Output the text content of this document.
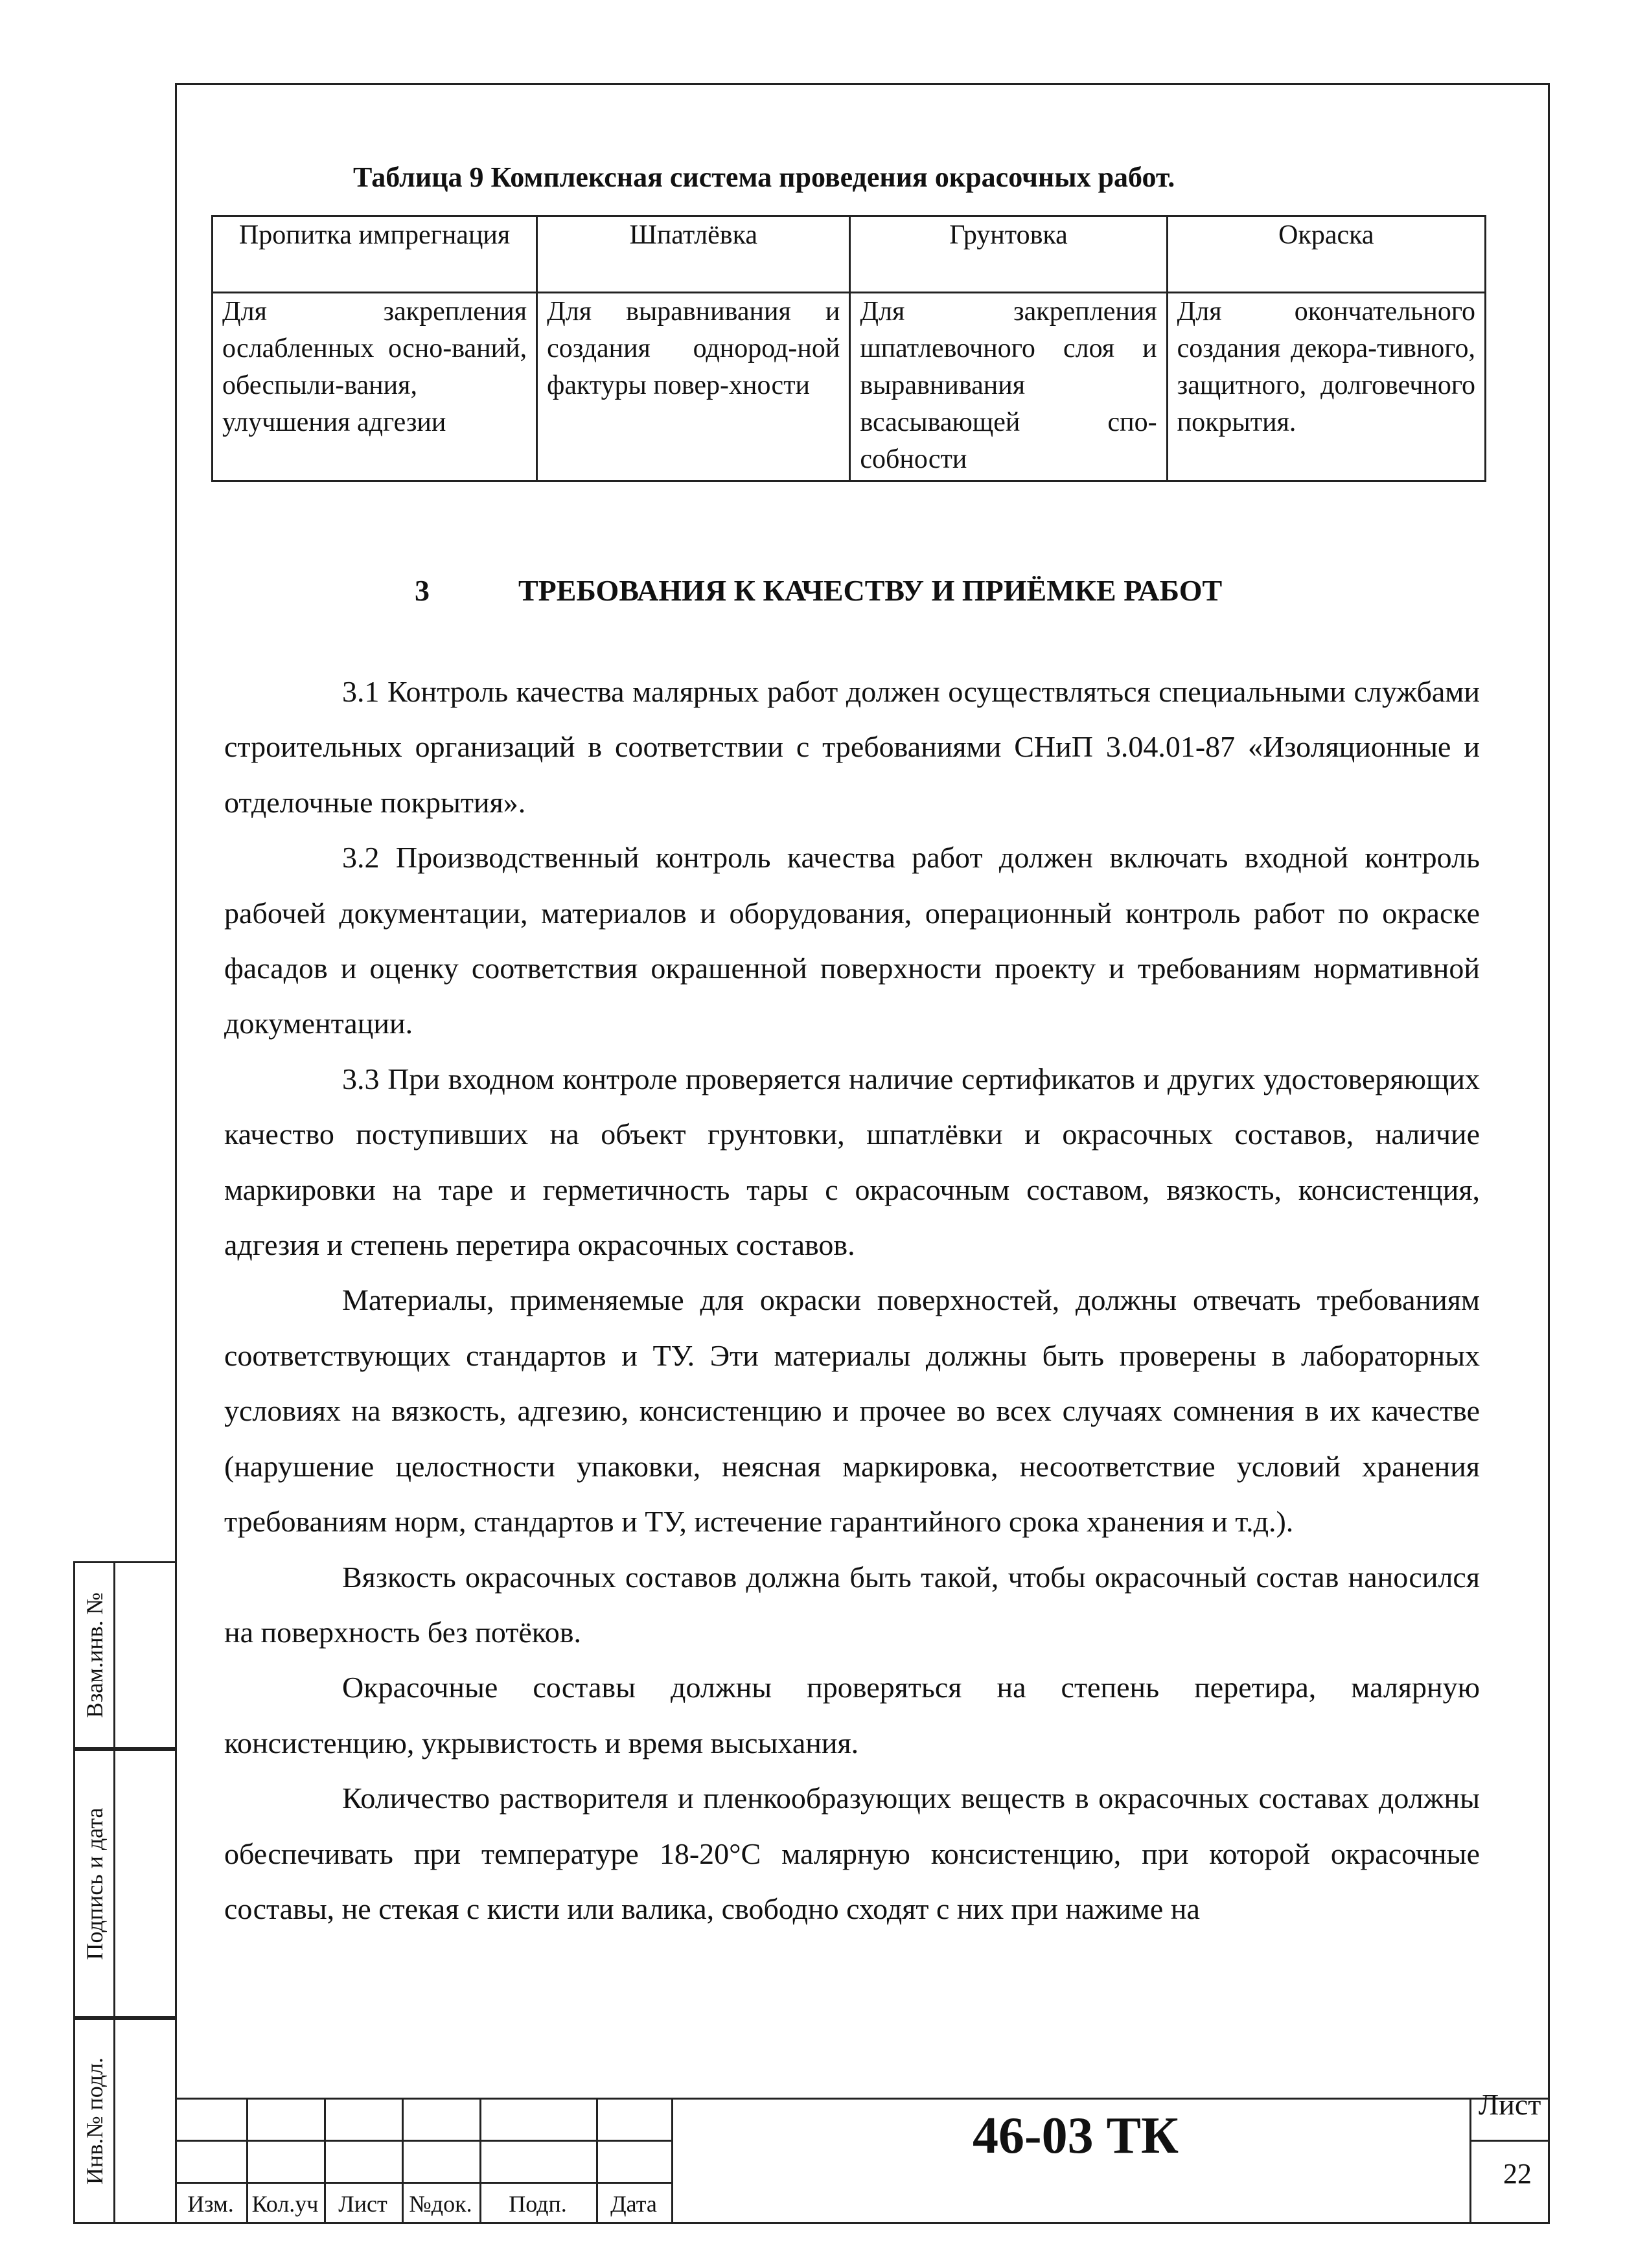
Взам.инв. №
Подпись и дата
Инв.№ подл.
Таблица 9 Комплексная система проведения окрасочных работ.
Пропитка импрегнация	Шпатлёвка	Грунтовка	Окраска
Для закрепления ослабленных осно-ваний, обеспыли-вания, улучшения адгезии	Для выравнивания и создания однород-ной фактуры повер-хности	Для закрепления шпатлевочного слоя и выравнивания всасывающей спо-собности	Для окончательного создания декора-тивного, защитного, долговечного покрытия.
3	ТРЕБОВАНИЯ К КАЧЕСТВУ И ПРИЁМКЕ РАБОТ

3.1 Контроль качества малярных работ должен осуществляться специальными службами строительных организаций в соответствии с требованиями СНиП 3.04.01-87 «Изоляционные и отделочные покрытия».

3.2 Производственный контроль качества работ должен включать входной контроль рабочей документации, материалов и оборудования, операционный контроль работ по окраске фасадов и оценку соответствия окрашенной поверхности проекту и требованиям нормативной документации.

3.3 При входном контроле проверяется наличие сертификатов и других удостоверяющих качество поступивших на объект грунтовки, шпатлёвки и окрасочных составов, наличие маркировки на таре и герметичность тары с окрасочным составом, вязкость, консистенция, адгезия и степень перетира окрасочных составов.

Материалы, применяемые для окраски поверхностей, должны отвечать требованиям соответствующих стандартов и ТУ. Эти материалы должны быть проверены в лабораторных условиях на вязкость, адгезию, консистенцию и прочее во всех случаях сомнения в их качестве (нарушение целостности упаковки, неясная маркировка, несоответствие условий хранения требованиям норм, стандартов и ТУ, истечение гарантийного срока хранения и т.д.).

Вязкость окрасочных составов должна быть такой, чтобы окрасочный состав наносился на поверхность без потёков.

Окрасочные составы должны проверяться на степень перетира, малярную консистенцию, укрывистость и время высыхания.

Количество растворителя и пленкообразующих веществ в окрасочных составах должны обеспечивать при температуре 18-20°С малярную консистенцию, при которой окрасочные составы, не стекая с кисти или валика, свободно сходят с них при нажиме на

Изм. Кол.уч Лист №док.	Подп.	Дата
46-03 ТК
Лист
22
